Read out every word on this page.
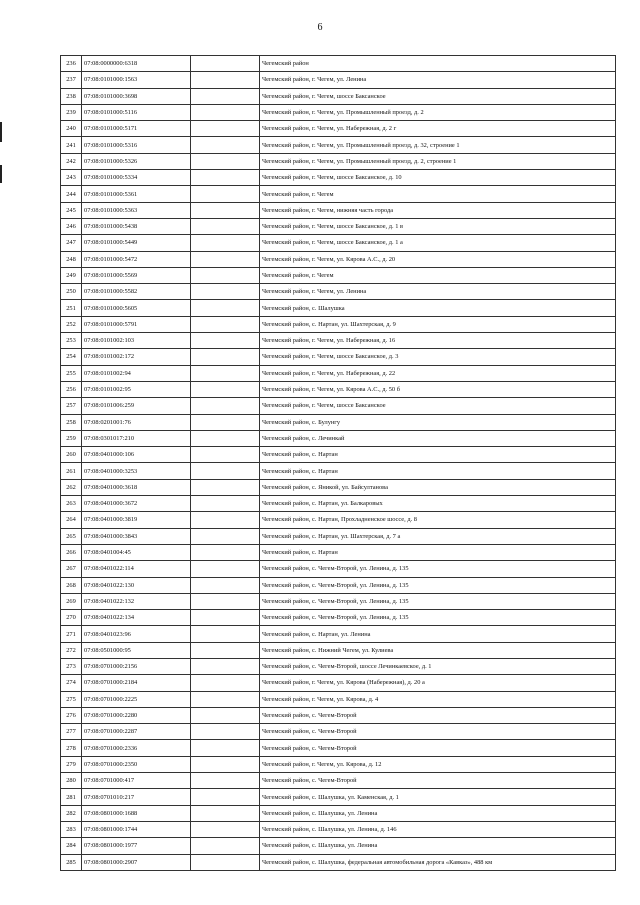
6
236	07:08:0000000:6318		Чегемский район
237	07:08:0101000:1563		Чегемский район, г. Чегем, ул. Ленина
238	07:08:0101000:3698		Чегемский район, г. Чегем, шоссе Баксанское
239	07:08:0101000:5116		Чегемский район, г. Чегем, ул. Промышленный проезд, д. 2
240	07:08:0101000:5171		Чегемский район, г. Чегем, ул. Набережная, д. 2 г
241	07:08:0101000:5316		Чегемский район, г. Чегем, ул. Промышленный проезд, д. 32, строение 1
242	07:08:0101000:5326		Чегемский район, г. Чегем, ул. Промышленный проезд, д. 2, строение 1
243	07:08:0101000:5334		Чегемский район, г. Чегем, шоссе Баксанское, д. 10
244	07:08:0101000:5361		Чегемский район, г. Чегем
245	07:08:0101000:5363		Чегемский район, г. Чегем, нижняя часть города
246	07:08:0101000:5438		Чегемский район, г. Чегем, шоссе Баксанское, д. 1 в
247	07:08:0101000:5449		Чегемский район, г. Чегем, шоссе Баксанское, д. 1 а
248	07:08:0101000:5472		Чегемский район, г. Чегем, ул. Кярова А.С., д. 20
249	07:08:0101000:5569		Чегемский район, г. Чегем
250	07:08:0101000:5582		Чегемский район, г. Чегем, ул. Ленина
251	07:08:0101000:5605		Чегемский район, с. Шалушка
252	07:08:0101000:5791		Чегемский район, с. Нартан, ул. Шахтерская, д. 9
253	07:08:0101002:103		Чегемский район, г. Чегем, ул. Набережная, д. 16
254	07:08:0101002:172		Чегемский район, г. Чегем, шоссе Баксанское, д. 3
255	07:08:0101002:94		Чегемский район, г. Чегем, ул. Набережная, д. 22
256	07:08:0101002:95		Чегемский район, г. Чегем, ул. Кярова А.С., д. 50 б
257	07:08:0101006:259		Чегемский район, г. Чегем, шоссе Баксанское
258	07:08:0201001:76		Чегемский район, с. Булунгу
259	07:08:0301017:210		Чегемский район, с. Лечинкай
260	07:08:0401000:106		Чегемский район, с. Нартан
261	07:08:0401000:3253		Чегемский район, с. Нартан
262	07:08:0401000:3618		Чегемский район, с. Яникой, ул. Байсултанова
263	07:08:0401000:3672		Чегемский район, с. Нартан, ул. Балкаровых
264	07:08:0401000:3819		Чегемский район, с. Нартан, Прохладненское шоссе, д. 8
265	07:08:0401000:3843		Чегемский район, с. Нартан, ул. Шахтерская, д. 7 а
266	07:08:0401004:45		Чегемский район, с. Нартан
267	07:08:0401022:114		Чегемский район, с. Чегем-Второй, ул. Ленина, д. 135
268	07:08:0401022:130		Чегемский район, с. Чегем-Второй, ул. Ленина, д. 135
269	07:08:0401022:132		Чегемский район, с. Чегем-Второй, ул. Ленина, д. 135
270	07:08:0401022:134		Чегемский район, с. Чегем-Второй, ул. Ленина, д. 135
271	07:08:0401023:96		Чегемский район, с. Нартан, ул. Ленина
272	07:08:0501000:95		Чегемский район, с. Нижний Чегем, ул. Кулиева
273	07:08:0701000:2156		Чегемский район, с. Чегем-Второй, шоссе Лечинкаевское, д. 1
274	07:08:0701000:2184		Чегемский район, г. Чегем, ул. Кярова (Набережная), д. 20 а
275	07:08:0701000:2225		Чегемский район, г. Чегем, ул. Кярова, д. 4
276	07:08:0701000:2280		Чегемский район, с. Чегем-Второй
277	07:08:0701000:2287		Чегемский район, с. Чегем-Второй
278	07:08:0701000:2336		Чегемский район, с. Чегем-Второй
279	07:08:0701000:2350		Чегемский район, г. Чегем, ул. Кярова, д. 12
280	07:08:0701000:417		Чегемский район, с. Чегем-Второй
281	07:08:0701010:217		Чегемский район, с. Шалушка, ул. Каменская, д. 1
282	07:08:0801000:1688		Чегемский район, с. Шалушка, ул. Ленина
283	07:08:0801000:1744		Чегемский район, с. Шалушка, ул. Ленина, д. 146
284	07:08:0801000:1977		Чегемский район, с. Шалушка, ул. Ленина
285	07:08:0801000:2907		Чегемский район, с. Шалушка, федеральная автомобильная дорога «Кавказ», 488 км
